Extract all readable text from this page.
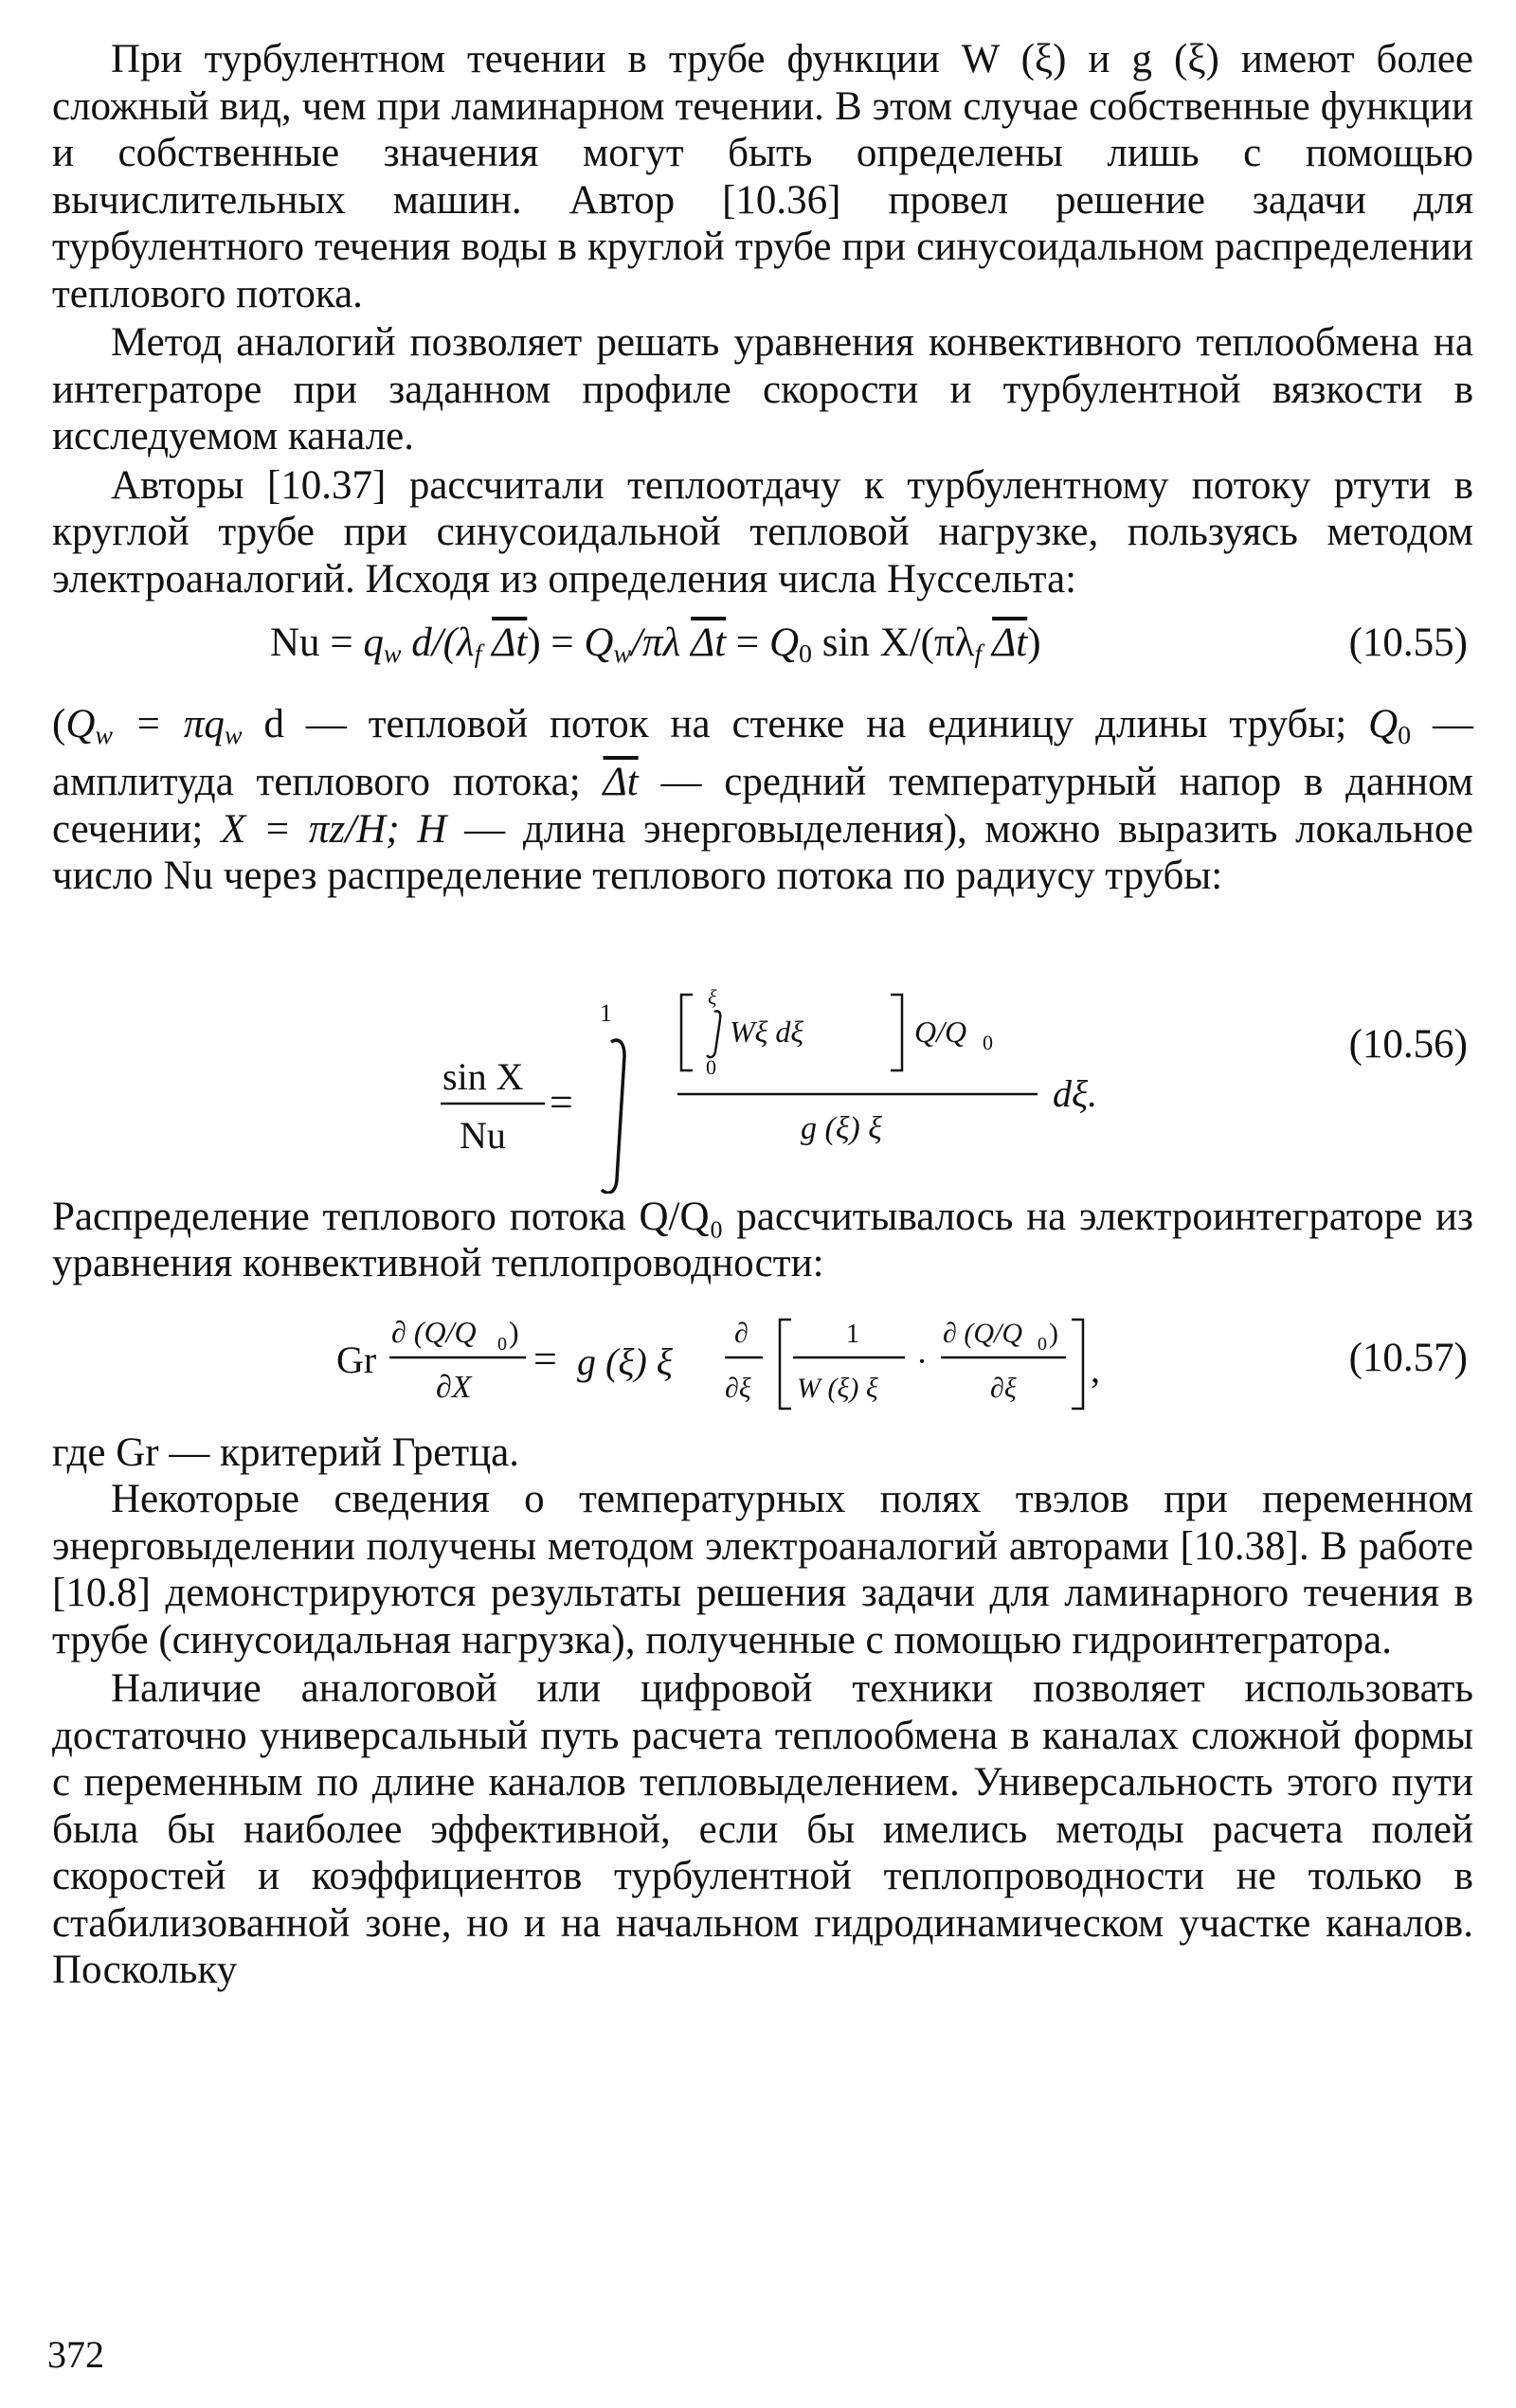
При турбулентном течении в трубе функции W (ξ) и g (ξ) имеют более сложный вид, чем при ламинарном течении. В этом случае собственные функции и собственные значения могут быть определены лишь с помощью вычислительных машин. Автор [10.36] провел решение задачи для турбулентного течения воды в круглой трубе при синусоидальном распределении теплового потока.

Метод аналогий позволяет решать уравнения конвективного теплообмена на интеграторе при заданном профиле скорости и турбулентной вязкости в исследуемом канале.

Авторы [10.37] рассчитали теплоотдачу к турбулентному потоку ртути в круглой трубе при синусоидальной тепловой нагрузке, пользуясь методом электроаналогий. Исходя из определения числа Нуссельта:

$Nu = q_w$ $d/(\lambda_f$ $\overline{\Delta t}) = Q_w/\pi\lambda$ $\overline{\Delta t} = Q_0$ $\sin X/(\pi\lambda_f$ $\overline{\Delta t}$)	(10.55)

($Q_w = \pi q_w$ d — тепловой поток на стенке на единицу длины трубы; $Q_0$ — амплитуда теплового потока; $\overline{\Delta t}$ — средний температурный напор в данном сечении; X = πz/H; H — длина энерговыделения), можно выразить локальное число Nu через распределение теплового потока по радиусу трубы:

sin X
Nu
=
1
ξ
0
Wξ dξ	Q/Q 0
g (ξ) ξ
dξ.
(10.56)

Распределение теплового потока Q/Q₀ рассчитывалось на электроинтеграторе из уравнения конвективной теплопроводности:

Gr
∂ (Q/Q 0 )
∂X
= g (ξ) ξ
∂
∂ξ
1
W (ξ) ξ
·
∂ (Q/Q 0 )
∂ξ ,	(10.57)

где Gr — критерий Гретца.

Некоторые сведения о температурных полях твэлов при переменном энерговыделении получены методом электроаналогий авторами [10.38]. В работе [10.8] демонстрируются результаты решения задачи для ламинарного течения в трубе (синусоидальная нагрузка), полученные с помощью гидроинтегратора.

Наличие аналоговой или цифровой техники позволяет использовать достаточно универсальный путь расчета теплообмена в каналах сложной формы с переменным по длине каналов тепловыделением. Универсальность этого пути была бы наиболее эффективной, если бы имелись методы расчета полей скоростей и коэффициентов турбулентной теплопроводности не только в стабилизованной зоне, но и на начальном гидродинамическом участке каналов. Поскольку

372
